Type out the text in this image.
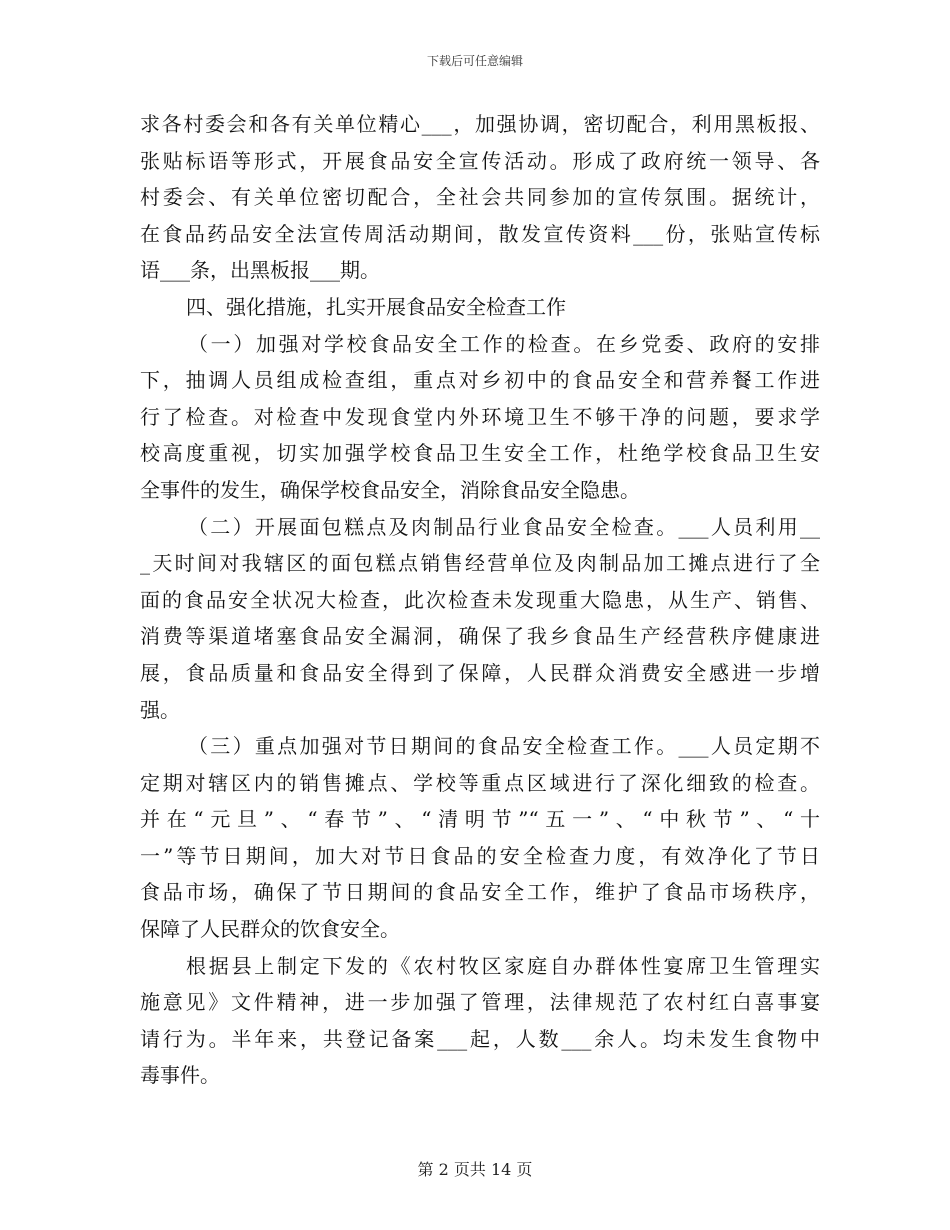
下载后可任意编辑
求各村委会和各有关单位精心___，加强协调，密切配合，利用黑板报、
张贴标语等形式，开展食品安全宣传活动。形成了政府统一领导、各
村委会、有关单位密切配合，全社会共同参加的宣传氛围。据统计，
在食品药品安全法宣传周活动期间，散发宣传资料___份，张贴宣传标
语___条，出黑板报___期。
四、强化措施，扎实开展食品安全检查工作
（一）加强对学校食品安全工作的检查。在乡党委、政府的安排
下，抽调人员组成检查组，重点对乡初中的食品安全和营养餐工作进
行了检查。对检查中发现食堂内外环境卫生不够干净的问题，要求学
校高度重视，切实加强学校食品卫生安全工作，杜绝学校食品卫生安
全事件的发生，确保学校食品安全，消除食品安全隐患。
（二）开展面包糕点及肉制品行业食品安全检查。___人员利用__
_天时间对我辖区的面包糕点销售经营单位及肉制品加工摊点进行了全
面的食品安全状况大检查，此次检查未发现重大隐患，从生产、销售、
消费等渠道堵塞食品安全漏洞，确保了我乡食品生产经营秩序健康进
展，食品质量和食品安全得到了保障，人民群众消费安全感进一步增
强。
（三）重点加强对节日期间的食品安全检查工作。___人员定期不
定期对辖区内的销售摊点、学校等重点区域进行了深化细致的检查。
并在“元旦”、“春节”、“清明节”“五一”、“中秋节”、“十
一”等节日期间，加大对节日食品的安全检查力度，有效净化了节日
食品市场，确保了节日期间的食品安全工作，维护了食品市场秩序，
保障了人民群众的饮食安全。
根据县上制定下发的《农村牧区家庭自办群体性宴席卫生管理实
施意见》文件精神，进一步加强了管理，法律规范了农村红白喜事宴
请行为。半年来，共登记备案___起，人数___余人。均未发生食物中
毒事件。
第 2 页共 14 页
